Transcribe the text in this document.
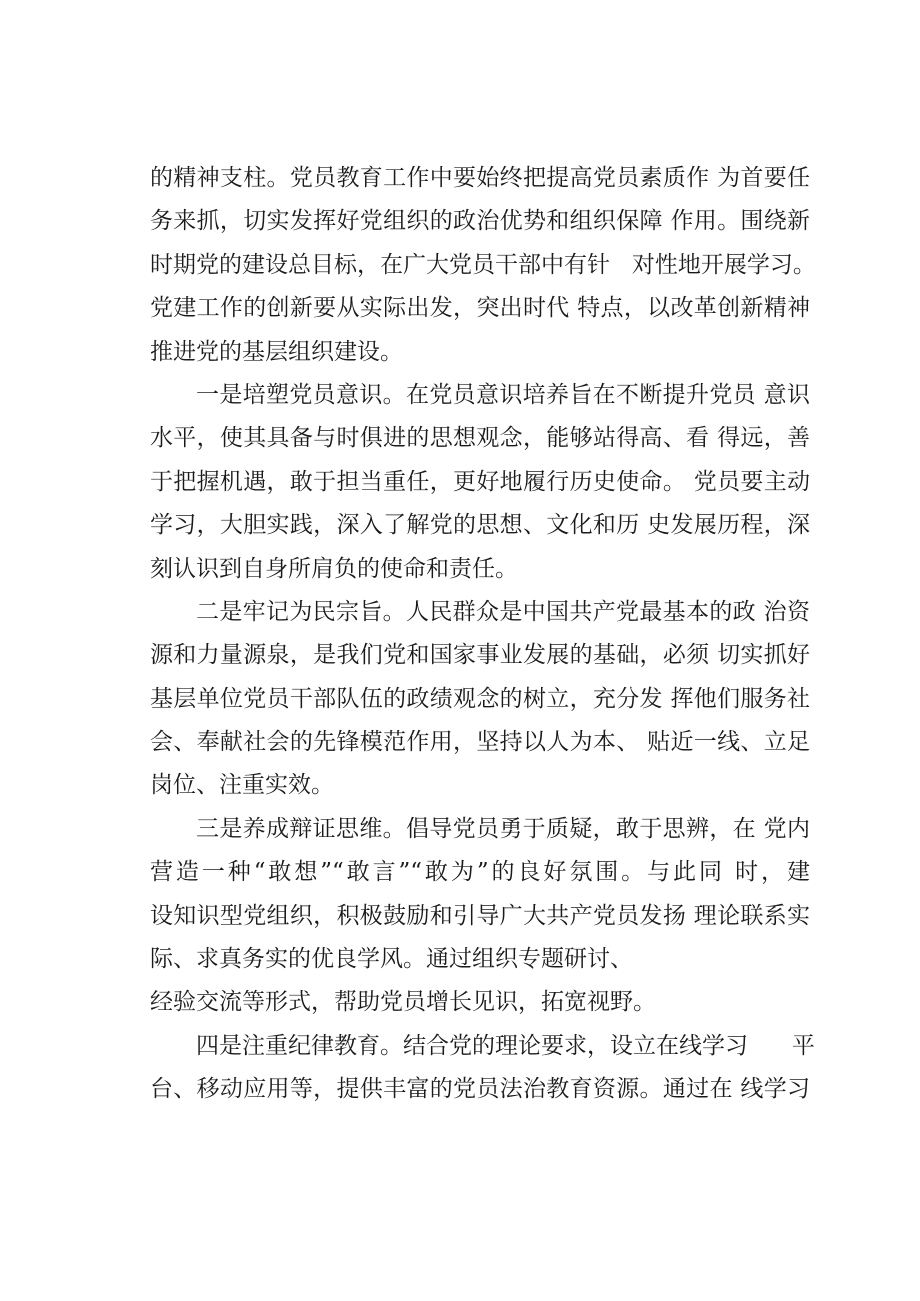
的精神支柱。党员教育工作中要始终把提高党员素质作 为首要任
务来抓，切实发挥好党组织的政治优势和组织保障 作用。围绕新
时期党的建设总目标，在广大党员干部中有针   对性地开展学习。
党建工作的创新要从实际出发，突出时代 特点，以改革创新精神
推进党的基层组织建设。
一是培塑党员意识。在党员意识培养旨在不断提升党员 意识
水平，使其具备与时俱进的思想观念，能够站得高、看 得远，善
于把握机遇，敢于担当重任，更好地履行历史使命。 党员要主动
学习，大胆实践，深入了解党的思想、文化和历 史发展历程，深
刻认识到自身所肩负的使命和责任。
二是牢记为民宗旨。人民群众是中国共产党最基本的政 治资
源和力量源泉，是我们党和国家事业发展的基础，必须 切实抓好
基层单位党员干部队伍的政绩观念的树立，充分发 挥他们服务社
会、奉献社会的先锋模范作用，坚持以人为本、 贴近一线、立足
岗位、注重实效。
三是养成辩证思维。倡导党员勇于质疑，敢于思辨，在 党内
营造一种“敢想”“敢言”“敢为”的良好氛围。与此同 时，建
设知识型党组织，积极鼓励和引导广大共产党员发扬 理论联系实
际、求真务实的优良学风。通过组织专题研讨、
经验交流等形式，帮助党员增长见识，拓宽视野。
四是注重纪律教育。结合党的理论要求，设立在线学习      平
台、移动应用等，提供丰富的党员法治教育资源。通过在 线学习
